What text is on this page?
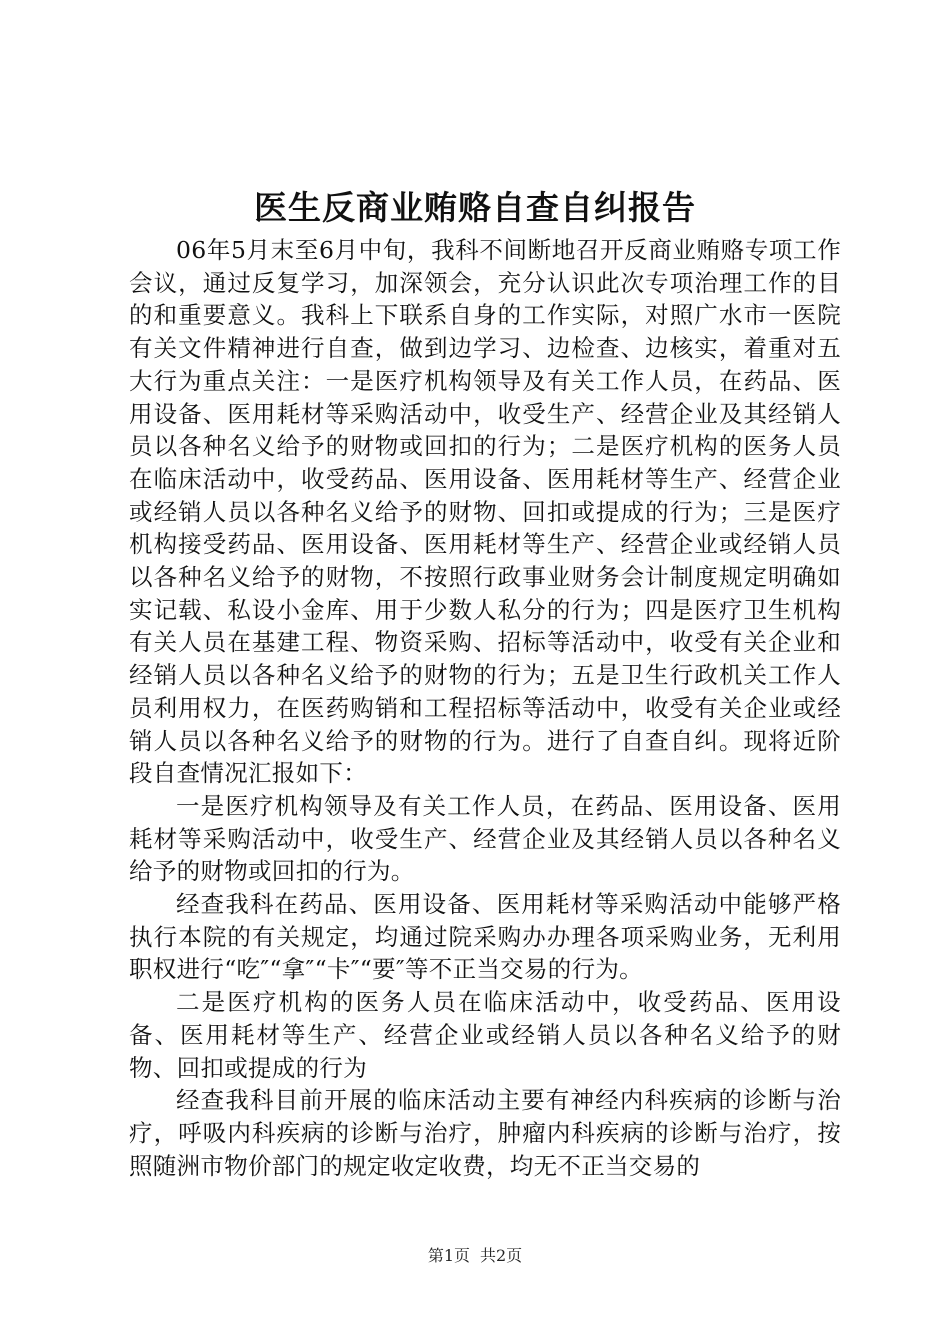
医生反商业贿赂自查自纠报告

06年5月末至6月中旬，我科不间断地召开反商业贿赂专项工作会议，通过反复学习，加深领会，充分认识此次专项治理工作的目的和重要意义。我科上下联系自身的工作实际，对照广水市一医院有关文件精神进行自查，做到边学习、边检查、边核实，着重对五大行为重点关注：一是医疗机构领导及有关工作人员，在药品、医用设备、医用耗材等采购活动中，收受生产、经营企业及其经销人员以各种名义给予的财物或回扣的行为；二是医疗机构的医务人员在临床活动中，收受药品、医用设备、医用耗材等生产、经营企业或经销人员以各种名义给予的财物、回扣或提成的行为；三是医疗机构接受药品、医用设备、医用耗材等生产、经营企业或经销人员以各种名义给予的财物，不按照行政事业财务会计制度规定明确如实记载、私设小金库、用于少数人私分的行为；四是医疗卫生机构有关人员在基建工程、物资采购、招标等活动中，收受有关企业和经销人员以各种名义给予的财物的行为；五是卫生行政机关工作人员利用权力，在医药购销和工程招标等活动中，收受有关企业或经销人员以各种名义给予的财物的行为。进行了自查自纠。现将近阶段自查情况汇报如下：

一是医疗机构领导及有关工作人员，在药品、医用设备、医用耗材等采购活动中，收受生产、经营企业及其经销人员以各种名义给予的财物或回扣的行为。

经查我科在药品、医用设备、医用耗材等采购活动中能够严格执行本院的有关规定，均通过院采购办办理各项采购业务，无利用职权进行“吃″“拿″“卡″“要″等不正当交易的行为。

二是医疗机构的医务人员在临床活动中，收受药品、医用设备、医用耗材等生产、经营企业或经销人员以各种名义给予的财物、回扣或提成的行为

经查我科目前开展的临床活动主要有神经内科疾病的诊断与治疗，呼吸内科疾病的诊断与治疗，肿瘤内科疾病的诊断与治疗，按照随洲市物价部门的规定收定收费，均无不正当交易的

第1页 共2页
